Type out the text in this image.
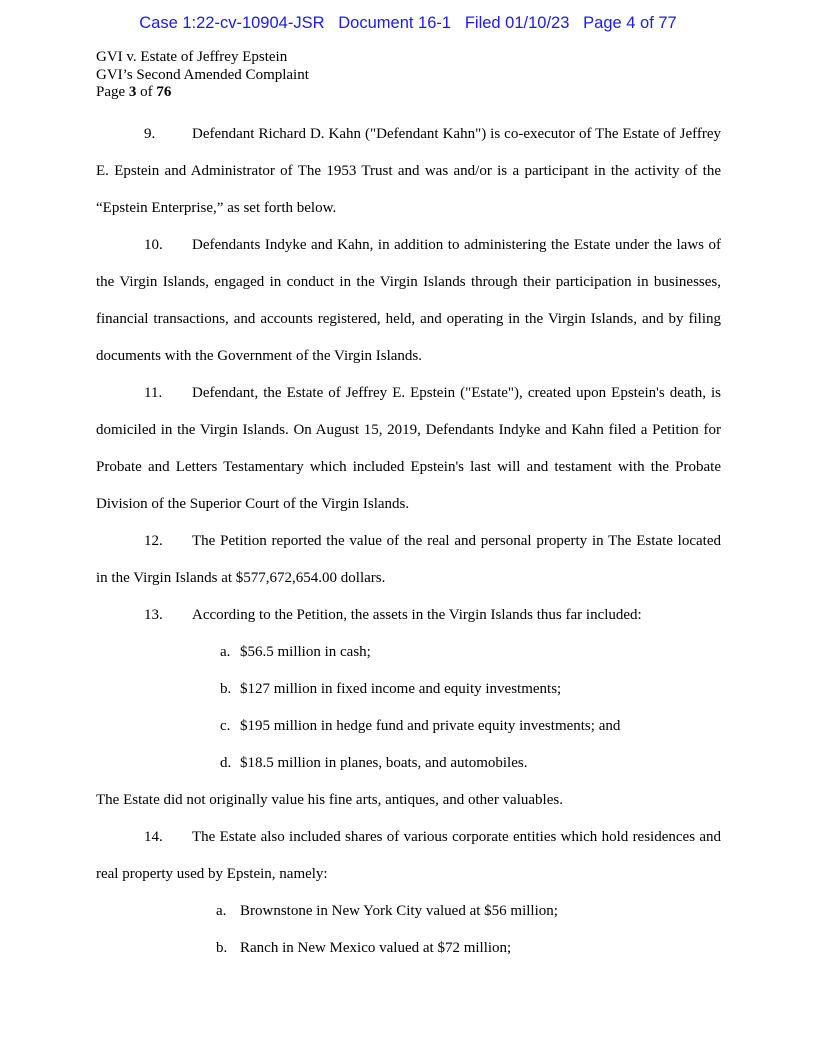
Case 1:22-cv-10904-JSR   Document 16-1   Filed 01/10/23   Page 4 of 77
GVI v. Estate of Jeffrey Epstein
GVI’s Second Amended Complaint
Page 3 of 76

9. Defendant Richard D. Kahn ("Defendant Kahn") is co-executor of The Estate of Jeffrey E. Epstein and Administrator of The 1953 Trust and was and/or is a participant in the activity of the “Epstein Enterprise,” as set forth below.

10. Defendants Indyke and Kahn, in addition to administering the Estate under the laws of the Virgin Islands, engaged in conduct in the Virgin Islands through their participation in businesses, financial transactions, and accounts registered, held, and operating in the Virgin Islands, and by filing documents with the Government of the Virgin Islands.

11. Defendant, the Estate of Jeffrey E. Epstein ("Estate"), created upon Epstein's death, is domiciled in the Virgin Islands. On August 15, 2019, Defendants Indyke and Kahn filed a Petition for Probate and Letters Testamentary which included Epstein's last will and testament with the Probate Division of the Superior Court of the Virgin Islands.

12. The Petition reported the value of the real and personal property in The Estate located in the Virgin Islands at $577,672,654.00 dollars.

13. According to the Petition, the assets in the Virgin Islands thus far included:

a. $56.5 million in cash;
b. $127 million in fixed income and equity investments;
c. $195 million in hedge fund and private equity investments; and
d. $18.5 million in planes, boats, and automobiles.

The Estate did not originally value his fine arts, antiques, and other valuables.

14. The Estate also included shares of various corporate entities which hold residences and real property used by Epstein, namely:

a. Brownstone in New York City valued at $56 million;
b. Ranch in New Mexico valued at $72 million;
